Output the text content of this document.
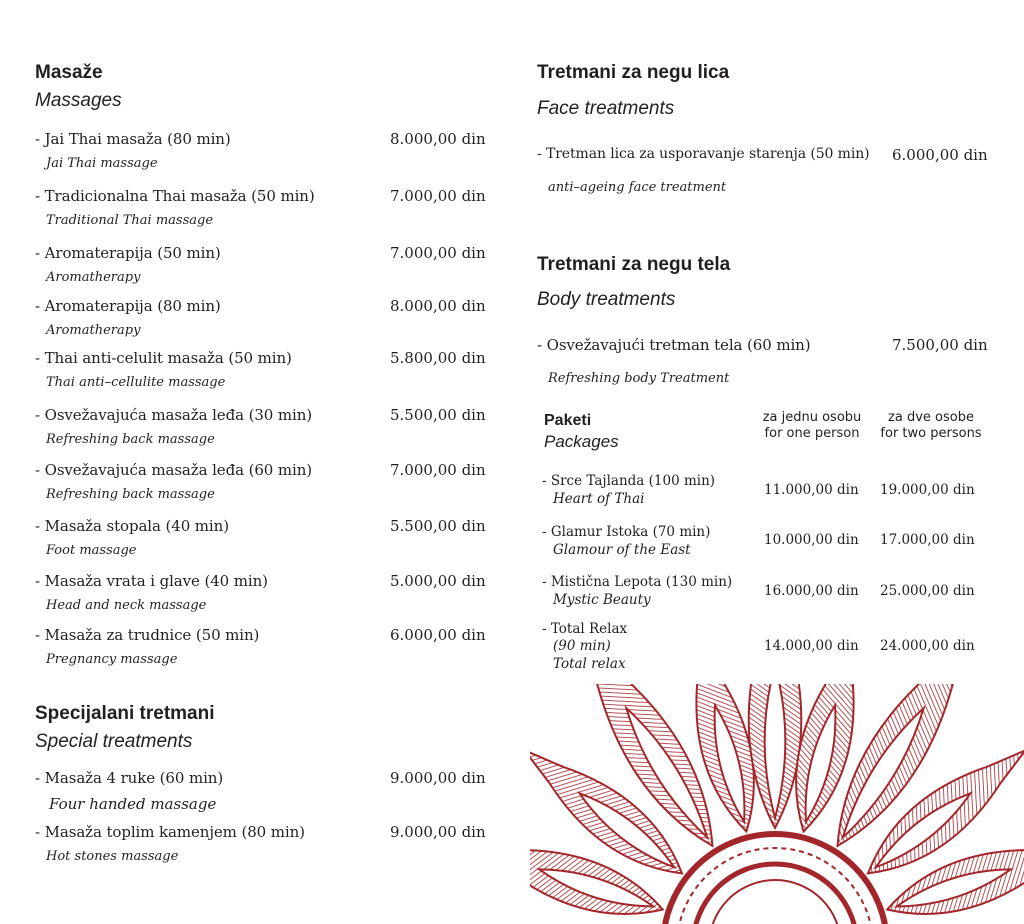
Masaže
Massages
- Jai Thai masaža (80 min)
Jai Thai massage
8.000,00 din
- Tradicionalna Thai masaža (50 min)
Traditional Thai massage
7.000,00 din
- Aromaterapija (50 min)
Aromatherapy
7.000,00 din
- Aromaterapija (80 min)
Aromatherapy
8.000,00 din
- Thai anti-celulit masaža (50 min)
Thai anti–cellulite massage
5.800,00 din
- Osvežavajuća masaža leđa (30 min)
Refreshing back massage
5.500,00 din
- Osvežavajuća masaža leđa (60 min)
Refreshing back massage
7.000,00 din
- Masaža stopala (40 min)
Foot massage
5.500,00 din
- Masaža vrata i glave (40 min)
Head and neck massage
5.000,00 din
- Masaža za trudnice (50 min)
Pregnancy massage
6.000,00 din
Specijalani tretmani
Special treatments
- Masaža 4 ruke (60 min)
Four handed massage
9.000,00 din
- Masaža toplim kamenjem (80 min)
Hot stones massage
9.000,00 din
Tretmani za negu lica
Face treatments
- Tretman lica za usporavanje starenja (50 min)
anti–ageing face treatment
6.000,00 din
Tretmani za negu tela
Body treatments
- Osvežavajući tretman tela (60 min)
Refreshing body Treatment
7.500,00 din
Paketi
Packages
za jednu osobu
for one person
za dve osobe
for two persons
- Srce Tajlanda (100 min)
Heart of Thai
11.000,00 din 19.000,00 din
- Glamur Istoka (70 min)
Glamour of the East
10.000,00 din 17.000,00 din
- Mistična Lepota (130 min)
Mystic Beauty
16.000,00 din 25.000,00 din
- Total Relax
(90 min)
Total relax
14.000,00 din 24.000,00 din
